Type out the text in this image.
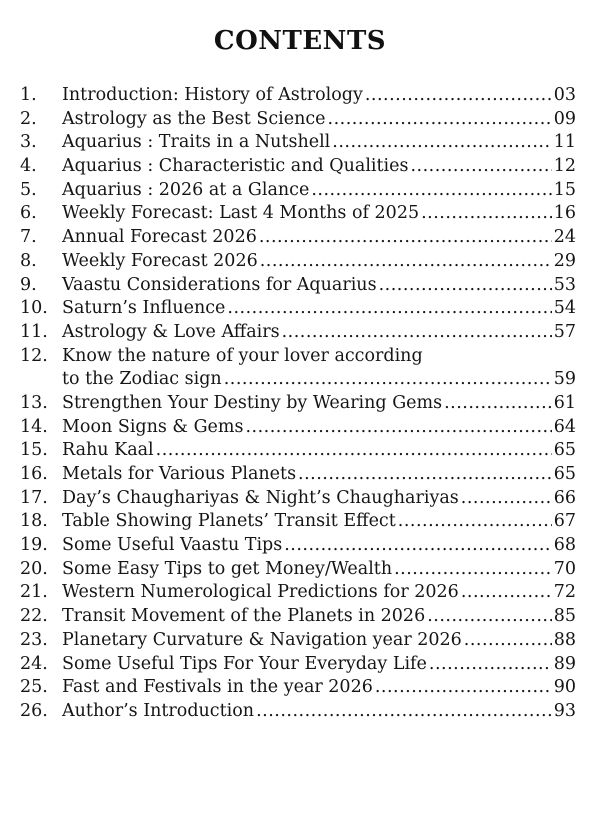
CONTENTS
1.	Introduction: History of Astrology .....	03
2.	Astrology as the Best Science .....	09
3.	Aquarius : Traits in a Nutshell .....	11
4.	Aquarius : Characteristic and Qualities .....	12
5.	Aquarius : 2026 at a Glance .....	15
6.	Weekly Forecast: Last 4 Months of 2025 .....	16
7.	Annual Forecast 2026 .....	24
8.	Weekly Forecast 2026 .....	29
9.	Vaastu Considerations for Aquarius .....	53
10. Saturn’s Influence .....	54
11. Astrology & Love Affairs .....	57
12. Know the nature of your lover according
to the Zodiac sign .....	59
13. Strengthen Your Destiny by Wearing Gems .....	61
14. Moon Signs & Gems .....	64
15. Rahu Kaal .....	65
16. Metals for Various Planets .....	65
17. Day’s Chaughariyas & Night’s Chaughariyas .....	66
18. Table Showing Planets’ Transit Effect .....	67
19. Some Useful Vaastu Tips .....	68
20. Some Easy Tips to get Money/Wealth .....	70
21. Western Numerological Predictions for 2026 .....	72
22. Transit Movement of the Planets in 2026 .....	85
23. Planetary Curvature & Navigation year 2026 .....	88
24. Some Useful Tips For Your Everyday Life .....	89
25. Fast and Festivals in the year 2026 .....	90
26. Author’s Introduction .....	93
